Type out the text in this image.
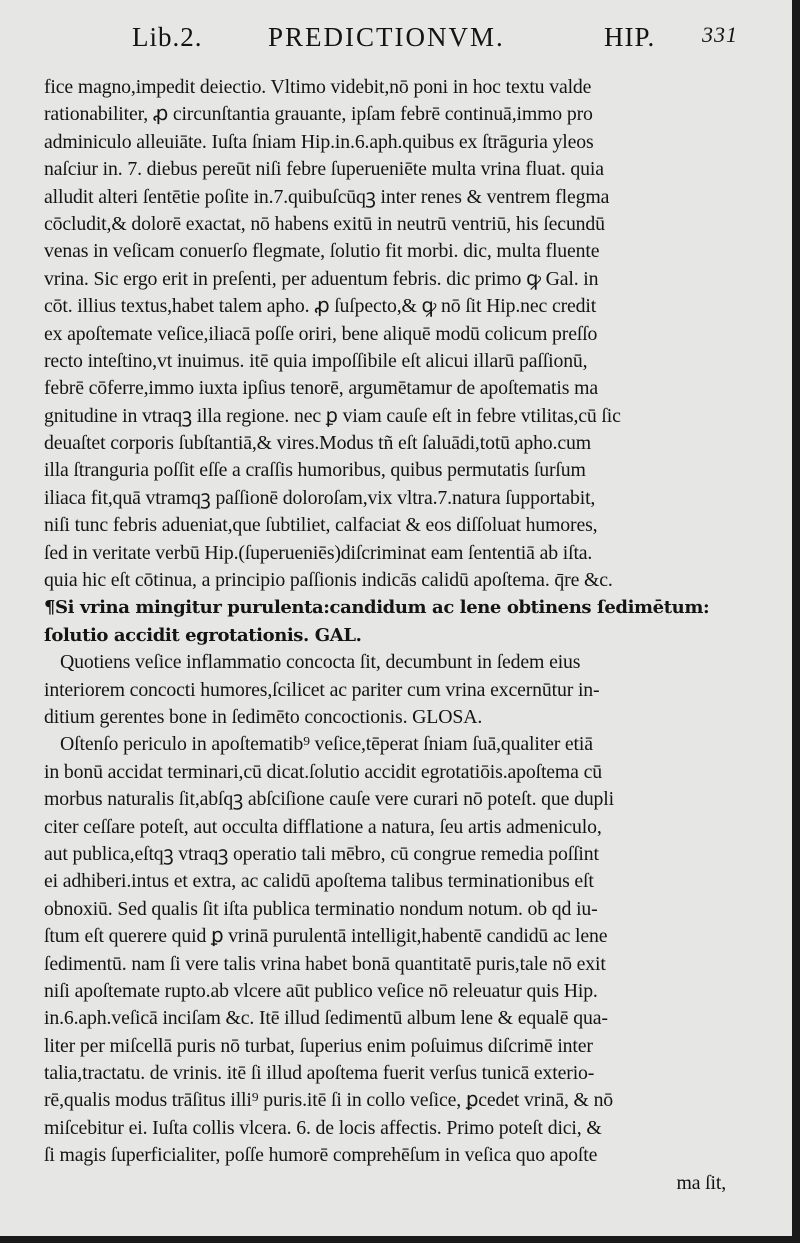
Lib.2. PREDICTIONVM.	HIP. 331
fice magno,impedit deiectio. Vltimo videbit,nō poni in hoc textu valde
rationabiliter, ꝓ circunſtantia grauante, ipſam febrē continuā,immo pro
adminiculo alleuiāte. Iuſta ſniam Hip.in.6.aph.quibus ex ſtrāguria yleos
naſciur in. 7. diebus pereūt niſi febre ſuperueniēte multa vrina fluat. quia
alludit alteri ſentētie poſite in.7.quibuſcūqꝫ inter renes & ventrem flegma
cōcludit,& dolorē exactat, nō habens exitū in neutrū ventriū, his ſecundū
venas in veſicam conuerſo flegmate, ſolutio fit morbi. dic, multa fluente
vrina. Sic ergo erit in preſenti, per aduentum febris. dic primo ꝙ Gal. in
cōt. illius textus,habet talem apho. ꝓ ſuſpecto,& ꝙ nō ſit Hip.nec credit
ex apoſtemate veſice,iliacā poſſe oriri, bene aliquē modū colicum preſſo
recto inteſtino,vt inuimus. itē quia impoſſibile eſt alicui illarū paſſionū,
febrē cōferre,immo iuxta ipſius tenorē, argumētamur de apoſtematis ma
gnitudine in vtraqꝫ illa regione. nec ꝑ viam cauſe eſt in febre vtilitas,cū ſic
deuaſtet corporis ſubſtantiā,& vires.Modus tñ eſt ſaluādi,totū apho.cum
illa ſtranguria poſſit eſſe a craſſis humoribus, quibus permutatis ſurſum
iliaca fit,quā vtramqꝫ paſſionē doloroſam,vix vltra.7.natura ſupportabit,
niſi tunc febris adueniat,que ſubtiliet, calfaciat & eos diſſoluat humores,
ſed in veritate verbū Hip.(ſuperueniēs)diſcriminat eam ſententiā ab iſta.
quia hic eſt cōtinua, a principio paſſionis indicās calidū apoſtema. q̄re &c.
¶Si vrina mingitur purulenta:candidum ac lene obtinens ſedimētum:
ſolutio accidit egrotationis. GAL.
Quotiens veſice inflammatio concocta ſit, decumbunt in ſedem eius
interiorem concocti humores,ſcilicet ac pariter cum vrina excernūtur in-
ditium gerentes bone in ſedimēto concoctionis. GLOSA.
Oſtenſo periculo in apoſtematib⁹ veſice,tēperat ſniam ſuā,qualiter etiā
in bonū accidat terminari,cū dicat.ſolutio accidit egrotatiōis.apoſtema cū
morbus naturalis ſit,abſqꝫ abſciſione cauſe vere curari nō poteſt. que dupli
citer ceſſare poteſt, aut occulta difflatione a natura, ſeu artis admeniculo,
aut publica,eſtqꝫ vtraqꝫ operatio tali mēbro, cū congrue remedia poſſint
ei adhiberi.intus et extra, ac calidū apoſtema talibus terminationibus eſt
obnoxiū. Sed qualis ſit iſta publica terminatio nondum notum. ob qd iu-
ſtum eſt querere quid ꝑ vrinā purulentā intelligit,habentē candidū ac lene
ſedimentū. nam ſi vere talis vrina habet bonā quantitatē puris,tale nō exit
niſi apoſtemate rupto.ab vlcere aūt publico veſice nō releuatur quis Hip.
in.6.aph.veſicā inciſam &c. Itē illud ſedimentū album lene & equalē qua-
liter per miſcellā puris nō turbat, ſuperius enim poſuimus diſcrimē inter
talia,tractatu. de vrinis. itē ſi illud apoſtema fuerit verſus tunicā exterio-
rē,qualis modus trāſitus illi⁹ puris.itē ſi in collo veſice, ꝑcedet vrinā, & nō
miſcebitur ei. Iuſta collis vlcera. 6. de locis affectis. Primo poteſt dici, &
ſi magis ſuperficialiter, poſſe humorē comprehēſum in veſica quo apoſte
ma ſit,
